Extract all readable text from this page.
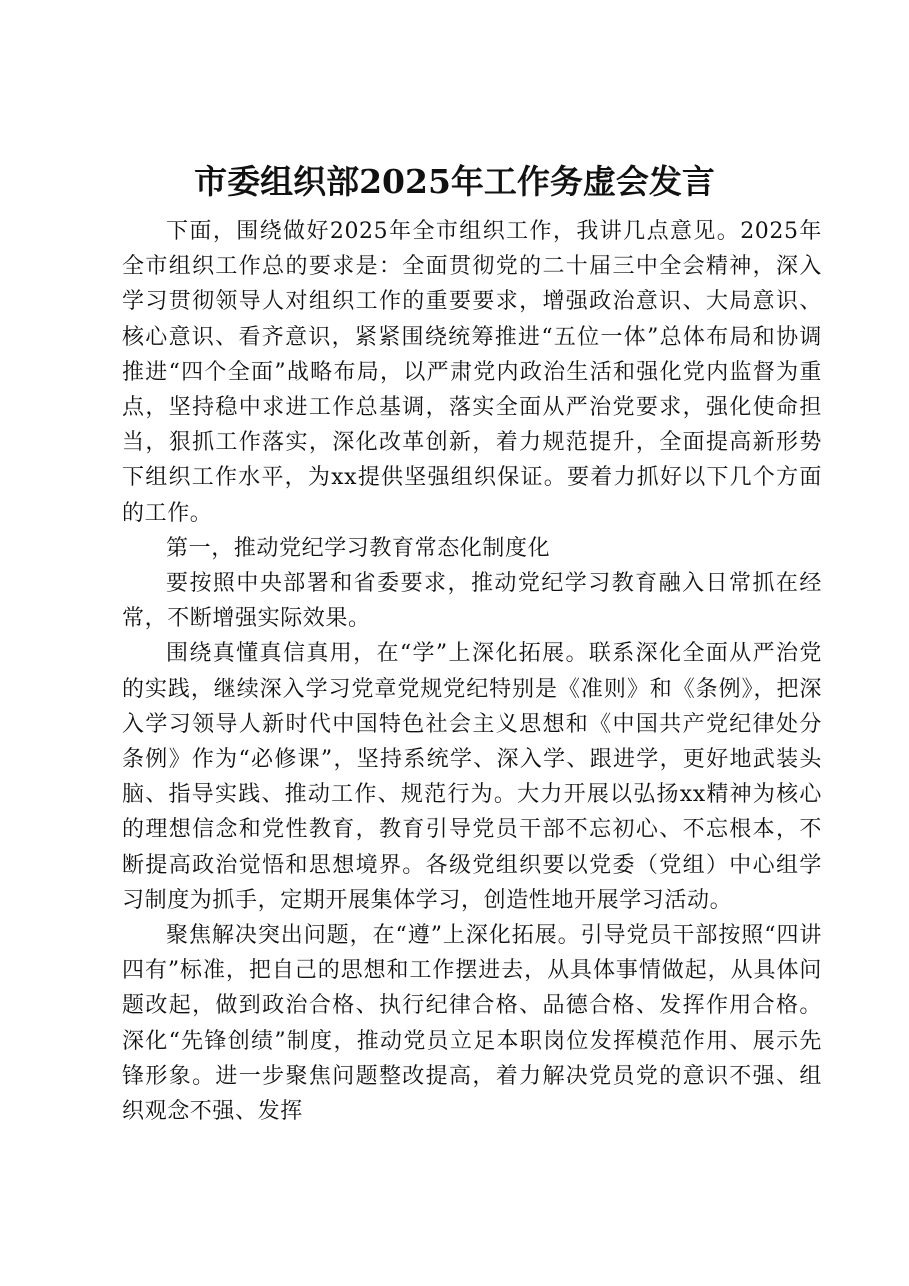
市委组织部2025年工作务虚会发言

下面，围绕做好2025年全市组织工作，我讲几点意见。2025年全市组织工作总的要求是：全面贯彻党的二十届三中全会精神，深入学习贯彻领导人对组织工作的重要要求，增强政治意识、大局意识、核心意识、看齐意识，紧紧围绕统筹推进“五位一体”总体布局和协调推进“四个全面”战略布局，以严肃党内政治生活和强化党内监督为重点，坚持稳中求进工作总基调，落实全面从严治党要求，强化使命担当，狠抓工作落实，深化改革创新，着力规范提升，全面提高新形势下组织工作水平，为xx提供坚强组织保证。要着力抓好以下几个方面的工作。

第一，推动党纪学习教育常态化制度化

要按照中央部署和省委要求，推动党纪学习教育融入日常抓在经常，不断增强实际效果。

围绕真懂真信真用，在“学”上深化拓展。联系深化全面从严治党的实践，继续深入学习党章党规党纪特别是《准则》和《条例》，把深入学习领导人新时代中国特色社会主义思想和《中国共产党纪律处分条例》作为“必修课”，坚持系统学、深入学、跟进学，更好地武装头脑、指导实践、推动工作、规范行为。大力开展以弘扬xx精神为核心的理想信念和党性教育，教育引导党员干部不忘初心、不忘根本，不断提高政治觉悟和思想境界。各级党组织要以党委（党组）中心组学习制度为抓手，定期开展集体学习，创造性地开展学习活动。

聚焦解决突出问题，在“遵”上深化拓展。引导党员干部按照“四讲四有”标准，把自己的思想和工作摆进去，从具体事情做起，从具体问题改起，做到政治合格、执行纪律合格、品德合格、发挥作用合格。深化“先锋创绩”制度，推动党员立足本职岗位发挥模范作用、展示先锋形象。进一步聚焦问题整改提高，着力解决党员党的意识不强、组织观念不强、发挥
